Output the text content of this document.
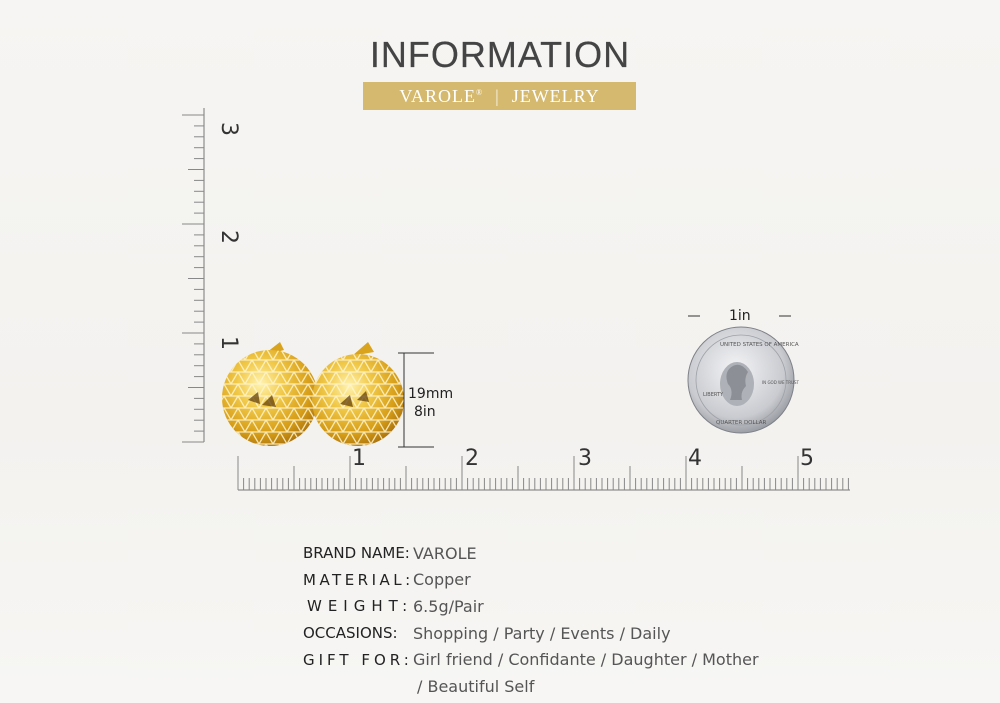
INFORMATION
VAROLE® | JEWELRY
3
2
1
1	2	3	4	5
19mm
8in
1in
UNITED STATES OF AMERICA
LIBERTY
IN GOD WE TRUST
QUARTER DOLLAR
BRAND NAME: VAROLE
MATERIAL: Copper
WEIGHT: 6.5g/Pair
OCCASIONS: Shopping / Party / Events / Daily
GIFT FOR: Girl friend / Confidante / Daughter / Mother
/ Beautiful Self
